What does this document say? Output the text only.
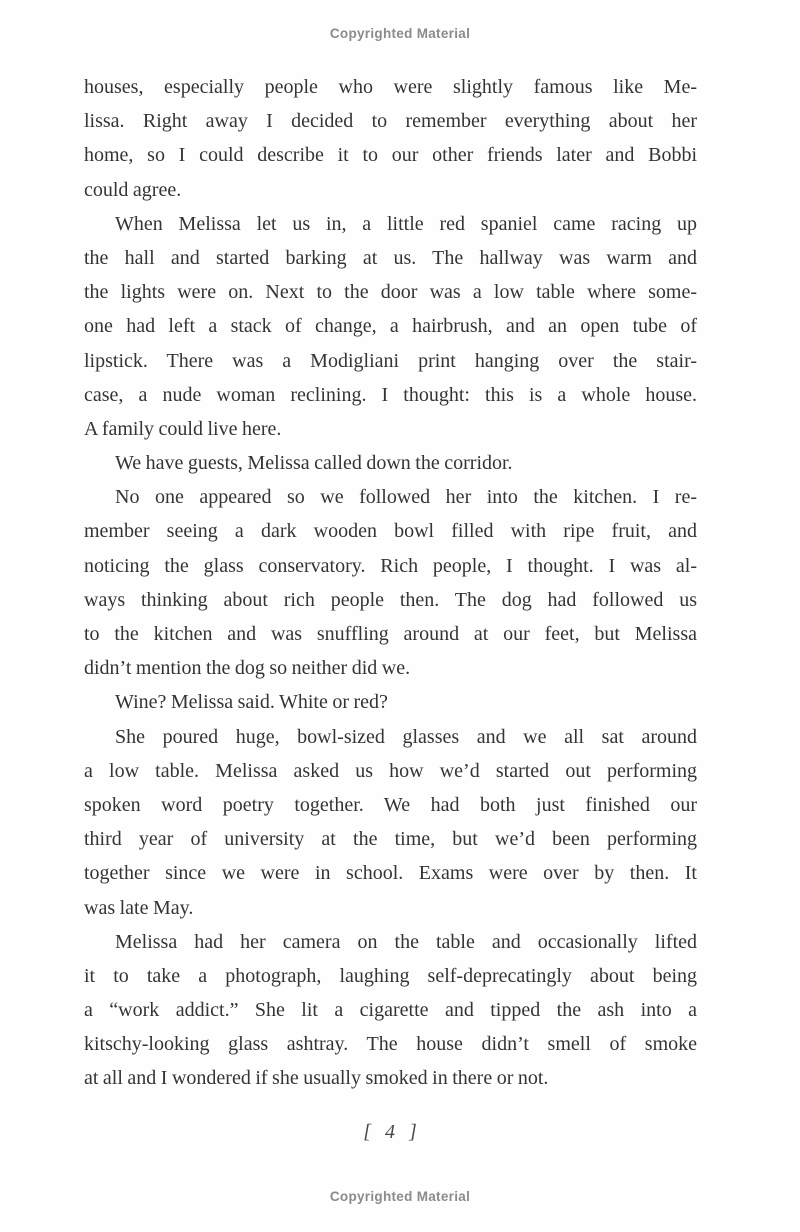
Copyrighted Material
houses, especially people who were slightly famous like Me-
lissa. Right away I decided to remember everything about her
home, so I could describe it to our other friends later and Bobbi
could agree.
When Melissa let us in, a little red spaniel came racing up
the hall and started barking at us. The hallway was warm and
the lights were on. Next to the door was a low table where some-
one had left a stack of change, a hairbrush, and an open tube of
lipstick. There was a Modigliani print hanging over the stair-
case, a nude woman reclining. I thought: this is a whole house.
A family could live here.
We have guests, Melissa called down the corridor.
No one appeared so we followed her into the kitchen. I re-
member seeing a dark wooden bowl filled with ripe fruit, and
noticing the glass conservatory. Rich people, I thought. I was al-
ways thinking about rich people then. The dog had followed us
to the kitchen and was snuffling around at our feet, but Melissa
didn’t mention the dog so neither did we.
Wine? Melissa said. White or red?
She poured huge, bowl-sized glasses and we all sat around
a low table. Melissa asked us how we’d started out performing
spoken word poetry together. We had both just finished our
third year of university at the time, but we’d been performing
together since we were in school. Exams were over by then. It
was late May.
Melissa had her camera on the table and occasionally lifted
it to take a photograph, laughing self-deprecatingly about being
a “work addict.” She lit a cigarette and tipped the ash into a
kitschy-looking glass ashtray. The house didn’t smell of smoke
at all and I wondered if she usually smoked in there or not.
[ 4 ]
Copyrighted Material
